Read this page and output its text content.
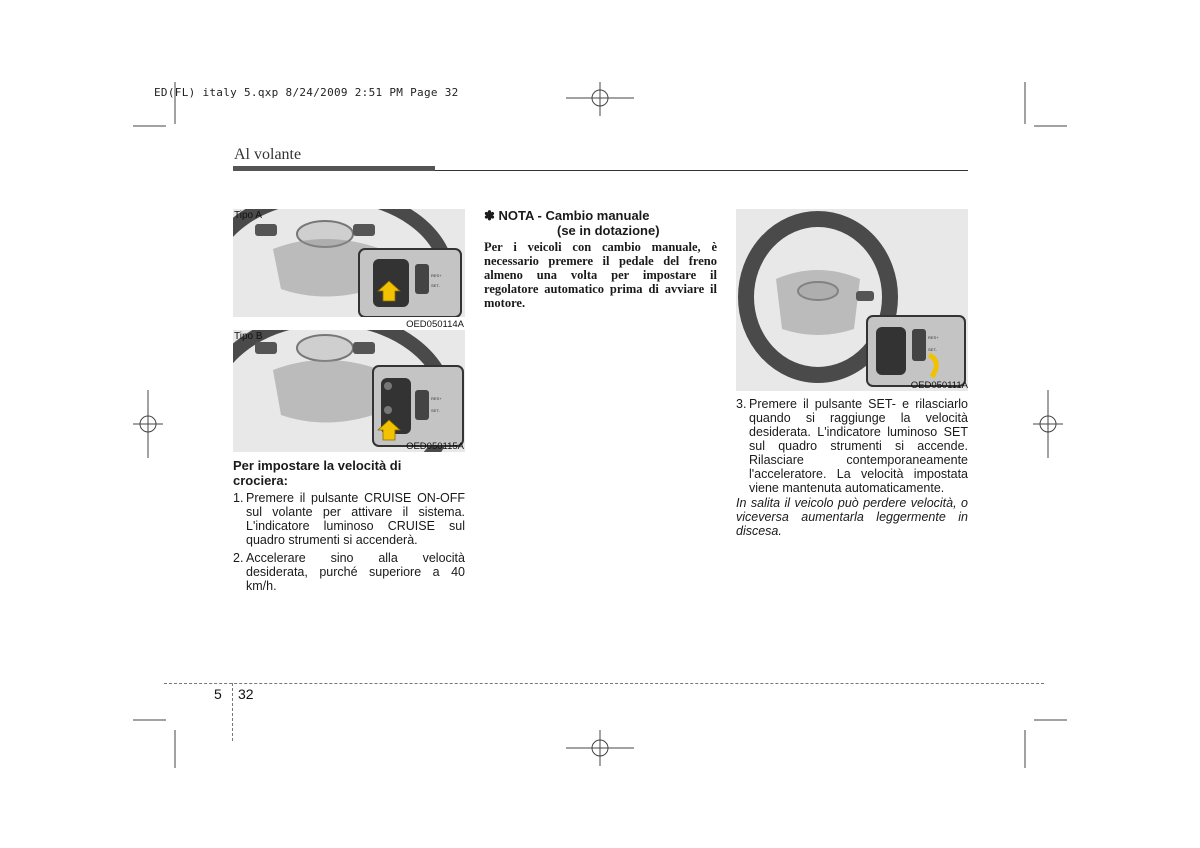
ED(FL) italy 5.qxp 8/24/2009 2:51 PM Page 32
Al volante
RES+
SET-
Tipo A
OED050114A
RES+
SET-
Tipo B
OED050115A
Per impostare la velocità di crociera:
1. Premere il pulsante CRUISE ON-OFF sul volante per attivare il sistema. L'indicatore luminoso CRUISE sul quadro strumenti si accenderà.
2. Accelerare sino alla velocità desiderata, purché superiore a 40 km/h.
✽ NOTA - Cambio manuale
(se in dotazione)
Per i veicoli con cambio manuale, è necessario premere il pedale del freno almeno una volta per impostare il regolatore automatico prima di avviare il motore.
RES+
SET-
OED050111A
3. Premere il pulsante SET- e rilasciarlo quando si raggiunge la velocità desiderata. L'indicatore luminoso SET sul quadro strumenti si accende. Rilasciare contemporaneamente l'acceleratore. La velocità impostata viene mantenuta automaticamente.
In salita il veicolo può perdere velocità, o viceversa aumentarla leggermente in discesa.
5 32
